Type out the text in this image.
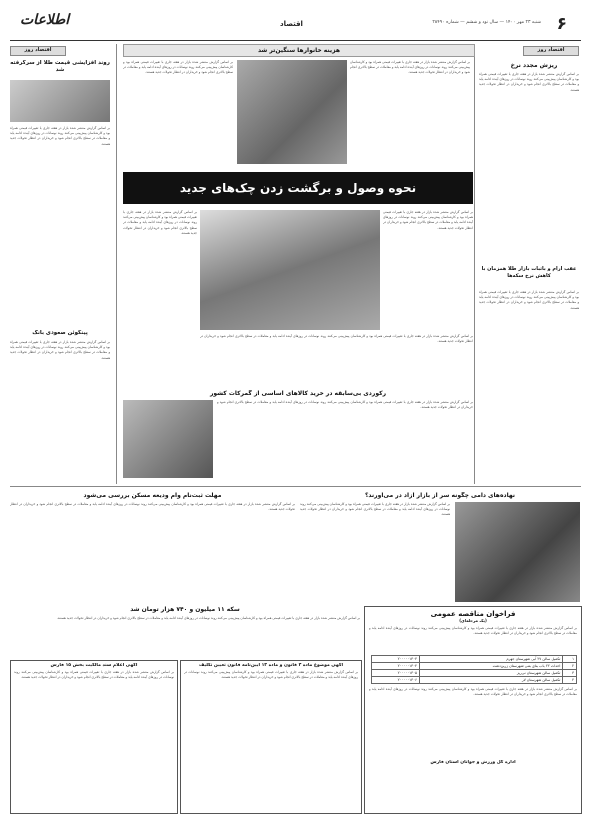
۶
شنبه ۲۳ مهر ۱۴۰۰ — سال نود و ششم — شماره ۲۸۴۹۰
اقتصاد
اطلاعات
اقتصاد روز
ریزش مجدد نرخ
بر اساس گزارش منتشر شده بازار در هفته جاری با تغییرات قیمتی همراه بود و کارشناسان پیش‌بینی می‌کنند روند نوسانات در روزهای آینده ادامه یابد و معاملات در سطح بالاتری انجام شود و خریداران در انتظار تحولات جدید هستند.
عقب آرام و باثبات بازار طلا همزمان با کاهش نرخ سکه‌ها
بر اساس گزارش منتشر شده بازار در هفته جاری با تغییرات قیمتی همراه بود و کارشناسان پیش‌بینی می‌کنند روند نوسانات در روزهای آینده ادامه یابد و معاملات در سطح بالاتری انجام شود و خریداران در انتظار تحولات جدید هستند.
هزینه خانوارها سنگین‌تر شد
بر اساس گزارش منتشر شده بازار در هفته جاری با تغییرات قیمتی همراه بود و کارشناسان پیش‌بینی می‌کنند روند نوسانات در روزهای آینده ادامه یابد و معاملات در سطح بالاتری انجام شود و خریداران در انتظار تحولات جدید هستند.
بر اساس گزارش منتشر شده بازار در هفته جاری با تغییرات قیمتی همراه بود و کارشناسان پیش‌بینی می‌کنند روند نوسانات در روزهای آینده ادامه یابد و معاملات در سطح بالاتری انجام شود و خریداران در انتظار تحولات جدید هستند.
نحوه وصول و برگشت زدن چک‌های جدید
بر اساس گزارش منتشر شده بازار در هفته جاری با تغییرات قیمتی همراه بود و کارشناسان پیش‌بینی می‌کنند روند نوسانات در روزهای آینده ادامه یابد و معاملات در سطح بالاتری انجام شود و خریداران در انتظار تحولات جدید هستند.
بر اساس گزارش منتشر شده بازار در هفته جاری با تغییرات قیمتی همراه بود و کارشناسان پیش‌بینی می‌کنند روند نوسانات در روزهای آینده ادامه یابد و معاملات در سطح بالاتری انجام شود و خریداران در انتظار تحولات جدید هستند.
بر اساس گزارش منتشر شده بازار در هفته جاری با تغییرات قیمتی همراه بود و کارشناسان پیش‌بینی می‌کنند روند نوسانات در روزهای آینده ادامه یابد و معاملات در سطح بالاتری انجام شود و خریداران در انتظار تحولات جدید هستند.
رکوردی بی‌سابقه در خرید کالاهای اساسی از گمرکات کشور
بر اساس گزارش منتشر شده بازار در هفته جاری با تغییرات قیمتی همراه بود و کارشناسان پیش‌بینی می‌کنند روند نوسانات در روزهای آینده ادامه یابد و معاملات در سطح بالاتری انجام شود و خریداران در انتظار تحولات جدید هستند.
اقتصاد روز
روند افزایشی قیمت طلا از سرگرفته شد
بر اساس گزارش منتشر شده بازار در هفته جاری با تغییرات قیمتی همراه بود و کارشناسان پیش‌بینی می‌کنند روند نوسانات در روزهای آینده ادامه یابد و معاملات در سطح بالاتری انجام شود و خریداران در انتظار تحولات جدید هستند.
پینگوئن صعودی بانک
بر اساس گزارش منتشر شده بازار در هفته جاری با تغییرات قیمتی همراه بود و کارشناسان پیش‌بینی می‌کنند روند نوسانات در روزهای آینده ادامه یابد و معاملات در سطح بالاتری انجام شود و خریداران در انتظار تحولات جدید هستند.
نهاده‌های دامی چگونه سر از بازار آزاد در می‌آورند؟
بر اساس گزارش منتشر شده بازار در هفته جاری با تغییرات قیمتی همراه بود و کارشناسان پیش‌بینی می‌کنند روند نوسانات در روزهای آینده ادامه یابد و معاملات در سطح بالاتری انجام شود و خریداران در انتظار تحولات جدید هستند.
مهلت ثبت‌نام وام ودیعه مسکن بررسی می‌شود
بر اساس گزارش منتشر شده بازار در هفته جاری با تغییرات قیمتی همراه بود و کارشناسان پیش‌بینی می‌کنند روند نوسانات در روزهای آینده ادامه یابد و معاملات در سطح بالاتری انجام شود و خریداران در انتظار تحولات جدید هستند.
سکه ۱۱ میلیون و ۷۴۰ هزار تومان شد
بر اساس گزارش منتشر شده بازار در هفته جاری با تغییرات قیمتی همراه بود و کارشناسان پیش‌بینی می‌کنند روند نوسانات در روزهای آینده ادامه یابد و معاملات در سطح بالاتری انجام شود و خریداران در انتظار تحولات جدید هستند.	فراخوان مناقصه عمومی
(یک مرحله‌ای)
بر اساس گزارش منتشر شده بازار در هفته جاری با تغییرات قیمتی همراه بود و کارشناسان پیش‌بینی می‌کنند روند نوسانات در روزهای آینده ادامه یابد و معاملات در سطح بالاتری انجام شود و خریداران در انتظار تحولات جدید هستند.
۱	تکمیل سالن ۲۷ آبی شهرستان جهرم	۲۰۰۰۰۰۱۳۰۳
۲	احداث ۲۲ باب بنای بتنی شهرستان زرین‌دشت	۲۰۰۰۰۰۱۳۰۴
۳	تکمیل سالن شهرستان نی‌ریز	۲۰۰۰۰۰۱۳۰۵
۴	تکمیل سالن شهرستان لار	۲۰۰۰۰۰۱۳۰۶
بر اساس گزارش منتشر شده بازار در هفته جاری با تغییرات قیمتی همراه بود و کارشناسان پیش‌بینی می‌کنند روند نوسانات در روزهای آینده ادامه یابد و معاملات در سطح بالاتری انجام شود و خریداران در انتظار تحولات جدید هستند.
اداره کل ورزش و جوانان استان فارس
آگهی موضوع ماده ۳ قانون و ماده ۱۳ آیین‌نامه قانون تعیین تکلیف
بر اساس گزارش منتشر شده بازار در هفته جاری با تغییرات قیمتی همراه بود و کارشناسان پیش‌بینی می‌کنند روند نوسانات در روزهای آینده ادامه یابد و معاملات در سطح بالاتری انجام شود و خریداران در انتظار تحولات جدید هستند.
آگهی اعلام سند مالکیت بخش ۱۵ فارس
بر اساس گزارش منتشر شده بازار در هفته جاری با تغییرات قیمتی همراه بود و کارشناسان پیش‌بینی می‌کنند روند نوسانات در روزهای آینده ادامه یابد و معاملات در سطح بالاتری انجام شود و خریداران در انتظار تحولات جدید هستند.
